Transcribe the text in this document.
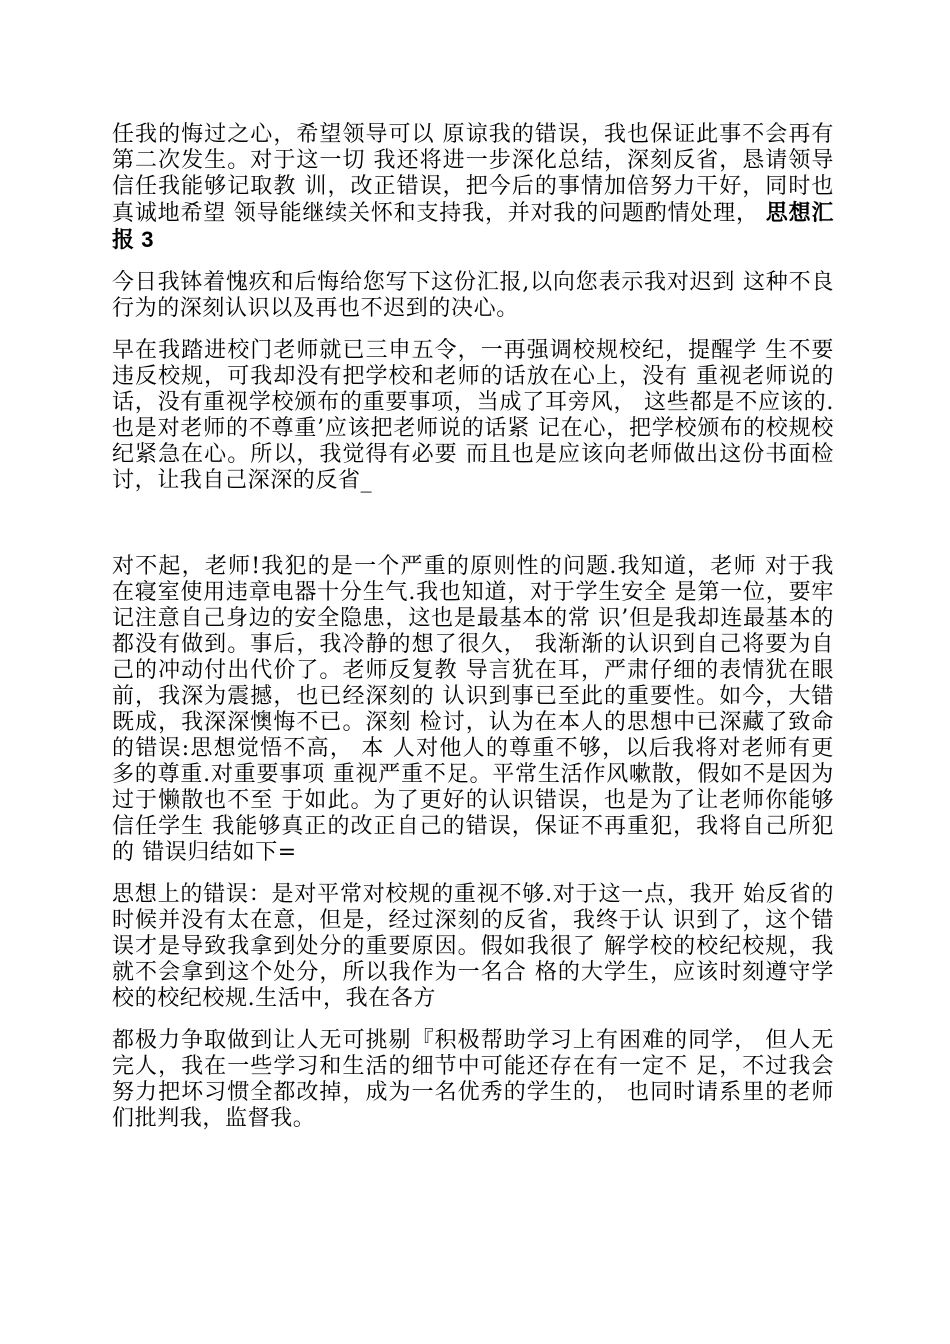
任我的悔过之心，希望领导可以 原谅我的错误，我也保证此事不会再有第二次发生。对于这一切 我还将进一步深化总结，深刻反省，恳请领导信任我能够记取教 训，改正错误，把今后的事情加倍努力干好，同时也真诚地希望 领导能继续关怀和支持我，并对我的问题酌情处理， 思想汇报 3

今日我钵着愧疚和后悔给您写下这份汇报,以向您表示我对迟到 这种不良行为的深刻认识以及再也不迟到的决心。

早在我踏进校门老师就已三申五令，一再强调校规校纪，提醒学 生不要违反校规，可我却没有把学校和老师的话放在心上，没有 重视老师说的话，没有重视学校颁布的重要事项，当成了耳旁风， 这些都是不应该的.也是对老师的不尊重’应该把老师说的话紧 记在心，把学校颁布的校规校纪紧急在心。所以，我觉得有必要 而且也是应该向老师做出这份书面检讨，让我自己深深的反省_

对不起，老师!我犯的是一个严重的原则性的问题.我知道，老师 对于我在寝室使用违章电器十分生气.我也知道，对于学生安全 是第一位，要牢记注意自己身边的安全隐患，这也是最基本的常 识’但是我却连最基本的都没有做到。事后，我冷静的想了很久， 我渐渐的认识到自己将要为自己的冲动付出代价了。老师反复教 导言犹在耳，严肃仔细的表情犹在眼前，我深为震撼，也已经深刻的 认识到事已至此的重要性。如今，大错既成，我深深懊悔不已。深刻 检讨，认为在本人的思想中已深藏了致命的错误:思想觉悟不高， 本 人对他人的尊重不够，以后我将对老师有更多的尊重.对重要事项 重视严重不足。平常生活作风嗽散，假如不是因为过于懒散也不至 于如此。为了更好的认识错误，也是为了让老师你能够信任学生 我能够真正的改正自己的错误，保证不再重犯，我将自己所犯的 错误归结如下=

思想上的错误：是对平常对校规的重视不够.对于这一点，我开 始反省的时候并没有太在意，但是，经过深刻的反省，我终于认 识到了，这个错误才是导致我拿到处分的重要原因。假如我很了 解学校的校纪校规，我就不会拿到这个处分，所以我作为一名合 格的大学生，应该时刻遵守学校的校纪校规.生活中，我在各方

都极力争取做到让人无可挑剔『积极帮助学习上有困难的同学， 但人无完人，我在一些学习和生活的细节中可能还存在有一定不 足，不过我会努力把坏习惯全都改掉，成为一名优秀的学生的， 也同时请系里的老师们批判我，监督我。
